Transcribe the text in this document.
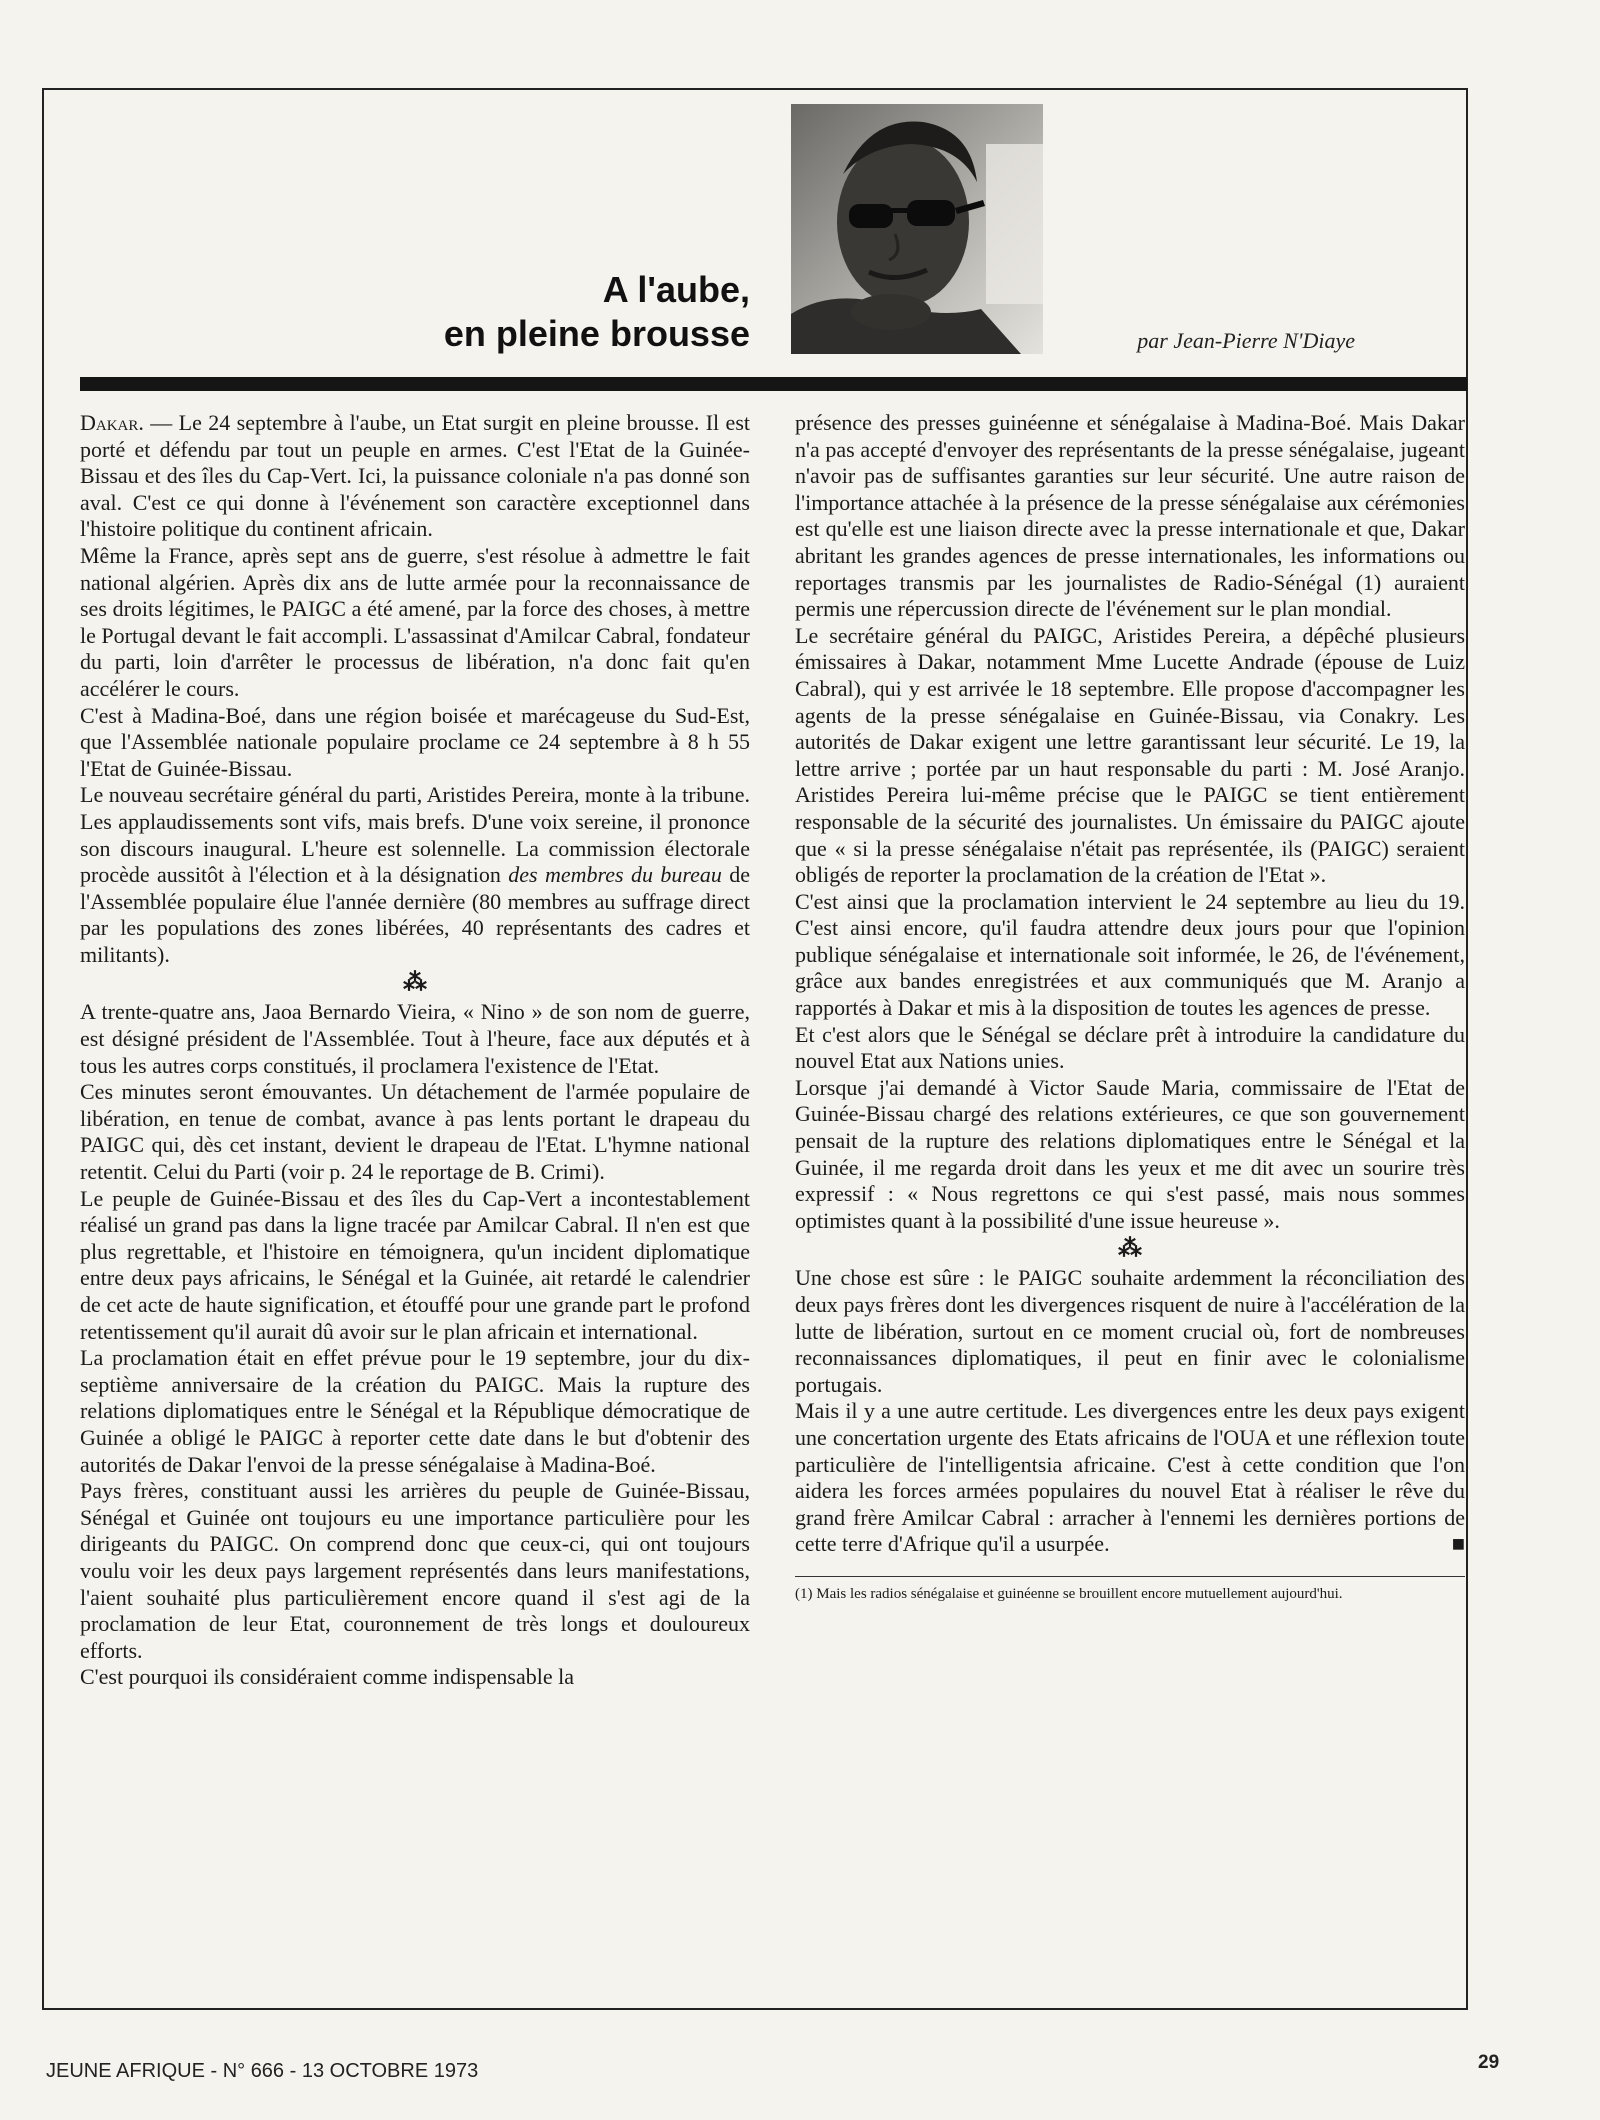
A l'aube,
en pleine brousse	par Jean-Pierre N'Diaye

Dakar. — Le 24 septembre à l'aube, un Etat surgit en pleine brousse. Il est porté et défendu par tout un peuple en armes. C'est l'Etat de la Guinée-Bissau et des îles du Cap-Vert. Ici, la puissance coloniale n'a pas donné son aval. C'est ce qui donne à l'événement son caractère exceptionnel dans l'histoire politique du continent africain.

Même la France, après sept ans de guerre, s'est résolue à admettre le fait national algérien. Après dix ans de lutte armée pour la reconnaissance de ses droits légitimes, le PAIGC a été amené, par la force des choses, à mettre le Portugal devant le fait accompli. L'assassinat d'Amilcar Cabral, fondateur du parti, loin d'arrêter le processus de libération, n'a donc fait qu'en accélérer le cours.

C'est à Madina-Boé, dans une région boisée et marécageuse du Sud-Est, que l'Assemblée nationale populaire proclame ce 24 septembre à 8 h 55 l'Etat de Guinée-Bissau.

Le nouveau secrétaire général du parti, Aristides Pereira, monte à la tribune. Les applaudissements sont vifs, mais brefs. D'une voix sereine, il prononce son discours inaugural. L'heure est solennelle. La commission électorale procède aussitôt à l'élection et à la désignation des membres du bureau de l'Assemblée populaire élue l'année dernière (80 membres au suffrage direct par les populations des zones libérées, 40 représentants des cadres et militants).

⁂

A trente-quatre ans, Jaoa Bernardo Vieira, « Nino » de son nom de guerre, est désigné président de l'Assemblée. Tout à l'heure, face aux députés et à tous les autres corps constitués, il proclamera l'existence de l'Etat.

Ces minutes seront émouvantes. Un détachement de l'armée populaire de libération, en tenue de combat, avance à pas lents portant le drapeau du PAIGC qui, dès cet instant, devient le drapeau de l'Etat. L'hymne national retentit. Celui du Parti (voir p. 24 le reportage de B. Crimi).

Le peuple de Guinée-Bissau et des îles du Cap-Vert a incontestablement réalisé un grand pas dans la ligne tracée par Amilcar Cabral. Il n'en est que plus regrettable, et l'histoire en témoignera, qu'un incident diplomatique entre deux pays africains, le Sénégal et la Guinée, ait retardé le calendrier de cet acte de haute signification, et étouffé pour une grande part le profond retentissement qu'il aurait dû avoir sur le plan africain et international.

La proclamation était en effet prévue pour le 19 septembre, jour du dix-septième anniversaire de la création du PAIGC. Mais la rupture des relations diplomatiques entre le Sénégal et la République démocratique de Guinée a obligé le PAIGC à reporter cette date dans le but d'obtenir des autorités de Dakar l'envoi de la presse sénégalaise à Madina-Boé.

Pays frères, constituant aussi les arrières du peuple de Guinée-Bissau, Sénégal et Guinée ont toujours eu une importance particulière pour les dirigeants du PAIGC. On comprend donc que ceux-ci, qui ont toujours voulu voir les deux pays largement représentés dans leurs manifestations, l'aient souhaité plus particulièrement encore quand il s'est agi de la proclamation de leur Etat, couronnement de très longs et douloureux efforts.

C'est pourquoi ils considéraient comme indispensable la

présence des presses guinéenne et sénégalaise à Madina-Boé. Mais Dakar n'a pas accepté d'envoyer des représentants de la presse sénégalaise, jugeant n'avoir pas de suffisantes garanties sur leur sécurité. Une autre raison de l'importance attachée à la présence de la presse sénégalaise aux cérémonies est qu'elle est une liaison directe avec la presse internationale et que, Dakar abritant les grandes agences de presse internationales, les informations ou reportages transmis par les journalistes de Radio-Sénégal (1) auraient permis une répercussion directe de l'événement sur le plan mondial.

Le secrétaire général du PAIGC, Aristides Pereira, a dépêché plusieurs émissaires à Dakar, notamment Mme Lucette Andrade (épouse de Luiz Cabral), qui y est arrivée le 18 septembre. Elle propose d'accompagner les agents de la presse sénégalaise en Guinée-Bissau, via Conakry. Les autorités de Dakar exigent une lettre garantissant leur sécurité. Le 19, la lettre arrive ; portée par un haut responsable du parti : M. José Aranjo. Aristides Pereira lui-même précise que le PAIGC se tient entièrement responsable de la sécurité des journalistes. Un émissaire du PAIGC ajoute que « si la presse sénégalaise n'était pas représentée, ils (PAIGC) seraient obligés de reporter la proclamation de la création de l'Etat ».

C'est ainsi que la proclamation intervient le 24 septembre au lieu du 19. C'est ainsi encore, qu'il faudra attendre deux jours pour que l'opinion publique sénégalaise et internationale soit informée, le 26, de l'événement, grâce aux bandes enregistrées et aux communiqués que M. Aranjo a rapportés à Dakar et mis à la disposition de toutes les agences de presse.

Et c'est alors que le Sénégal se déclare prêt à introduire la candidature du nouvel Etat aux Nations unies.

Lorsque j'ai demandé à Victor Saude Maria, commissaire de l'Etat de Guinée-Bissau chargé des relations extérieures, ce que son gouvernement pensait de la rupture des relations diplomatiques entre le Sénégal et la Guinée, il me regarda droit dans les yeux et me dit avec un sourire très expressif : « Nous regrettons ce qui s'est passé, mais nous sommes optimistes quant à la possibilité d'une issue heureuse ».

⁂

Une chose est sûre : le PAIGC souhaite ardemment la réconciliation des deux pays frères dont les divergences risquent de nuire à l'accélération de la lutte de libération, surtout en ce moment crucial où, fort de nombreuses reconnaissances diplomatiques, il peut en finir avec le colonialisme portugais.

Mais il y a une autre certitude. Les divergences entre les deux pays exigent une concertation urgente des Etats africains de l'OUA et une réflexion toute particulière de l'intelligentsia africaine. C'est à cette condition que l'on aidera les forces armées populaires du nouvel Etat à réaliser le rêve du grand frère Amilcar Cabral : arracher à l'ennemi les dernières portions de cette terre d'Afrique qu'il a usurpée.	■

(1) Mais les radios sénégalaise et guinéenne se brouillent encore mutuellement aujourd'hui.
JEUNE AFRIQUE - N° 666 - 13 OCTOBRE 1973	29
